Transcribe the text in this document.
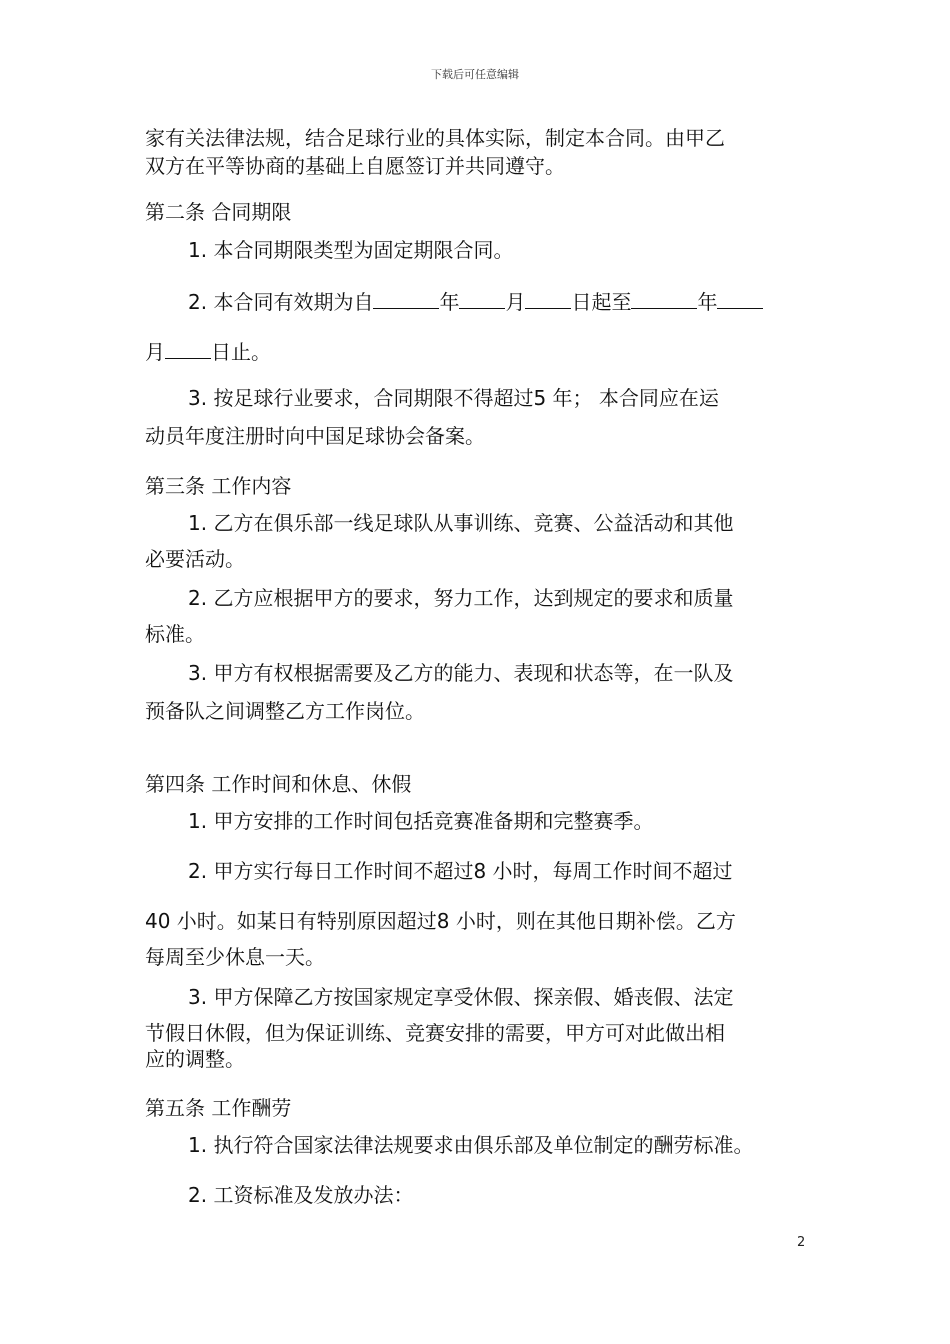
下载后可任意编辑
家有关法律法规，结合足球行业的具体实际，制定本合同。由甲乙
双方在平等协商的基础上自愿签订并共同遵守。
第二条 合同期限
1. 本合同期限类型为固定期限合同。
2. 本合同有效期为自	年 月 日起至	年
月 日止。
3. 按足球行业要求，合同期限不得超过5 年； 本合同应在运
动员年度注册时向中国足球协会备案。
第三条 工作内容
1. 乙方在俱乐部一线足球队从事训练、竞赛、公益活动和其他
必要活动。
2. 乙方应根据甲方的要求，努力工作，达到规定的要求和质量
标准。
3. 甲方有权根据需要及乙方的能力、表现和状态等，在一队及
预备队之间调整乙方工作岗位。
第四条 工作时间和休息、休假
1. 甲方安排的工作时间包括竞赛准备期和完整赛季。
2. 甲方实行每日工作时间不超过8 小时，每周工作时间不超过
40 小时。如某日有特别原因超过8 小时，则在其他日期补偿。乙方
每周至少休息一天。
3. 甲方保障乙方按国家规定享受休假、探亲假、婚丧假、法定
节假日休假，但为保证训练、竞赛安排的需要，甲方可对此做出相
应的调整。
第五条 工作酬劳
1. 执行符合国家法律法规要求由俱乐部及单位制定的酬劳标准。
2. 工资标准及发放办法：
2
